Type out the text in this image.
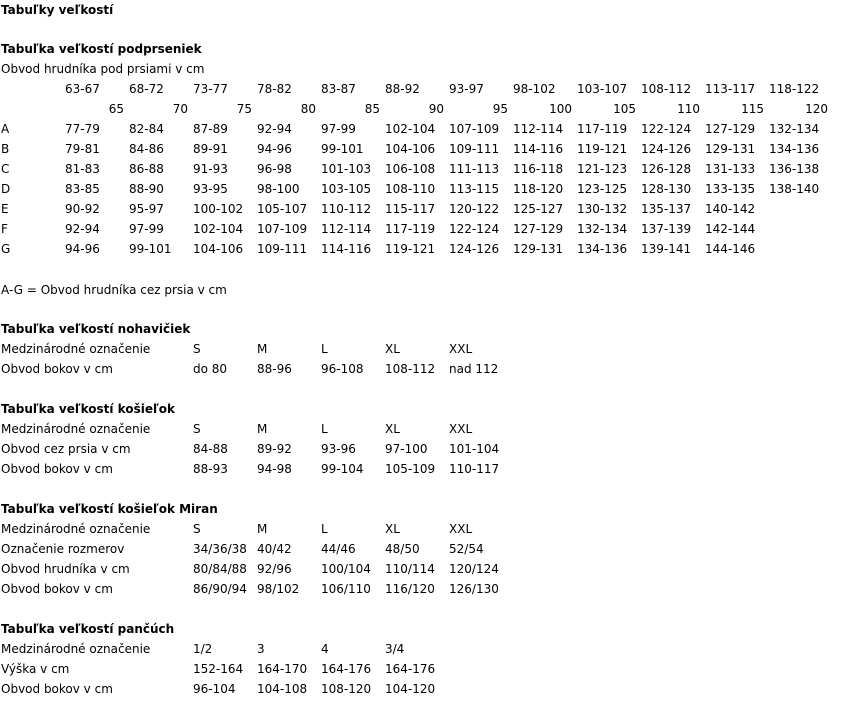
Tabuľky veľkostí
Tabuľka veľkostí podprseniek
Obvod hrudníka pod prsiami v cm
63-67 68-72 73-77 78-82 83-87 88-92 93-97 98-102 103-107 108-112 113-117 118-122
65	70	75	80	85	90	95	100	105	110	115	120
A	77-79 82-84 87-89 92-94 97-99 102-104 107-109 112-114 117-119 122-124 127-129 132-134
B	79-81 84-86 89-91 94-96 99-101 104-106 109-111 114-116 119-121 124-126 129-131 134-136
C	81-83 86-88 91-93 96-98 101-103 106-108 111-113 116-118 121-123 126-128 131-133 136-138
D	83-85 88-90 93-95 98-100 103-105 108-110 113-115 118-120 123-125 128-130 133-135 138-140
E	90-92 95-97 100-102 105-107 110-112 115-117 120-122 125-127 130-132 135-137 140-142
F	92-94 97-99 102-104 107-109 112-114 117-119 122-124 127-129 132-134 137-139 142-144
G	94-96 99-101 104-106 109-111 114-116 119-121 124-126 129-131 134-136 139-141 144-146
A-G = Obvod hrudníka cez prsia v cm
Tabuľka veľkostí nohavičiek
Medzinárodné označenie	S	M	L	XL	XXL
Obvod bokov v cm	do 80 88-96 96-108 108-112 nad 112
Tabuľka veľkostí košieľok
Medzinárodné označenie	S	M	L	XL	XXL
Obvod cez prsia v cm	84-88 89-92 93-96 97-100 101-104
Obvod bokov v cm	88-93 94-98 99-104 105-109 110-117
Tabuľka veľkostí košieľok Miran
Medzinárodné označenie	S	M	L	XL	XXL
Označenie rozmerov	34/36/38 40/42 44/46 48/50 52/54
Obvod hrudníka v cm	80/84/88 92/96 100/104 110/114 120/124
Obvod bokov v cm	86/90/94 98/102 106/110 116/120 126/130
Tabuľka veľkostí pančúch
Medzinárodné označenie	1/2	3	4	3/4
Výška v cm	152-164 164-170 164-176 164-176
Obvod bokov v cm	96-104 104-108 108-120 104-120
